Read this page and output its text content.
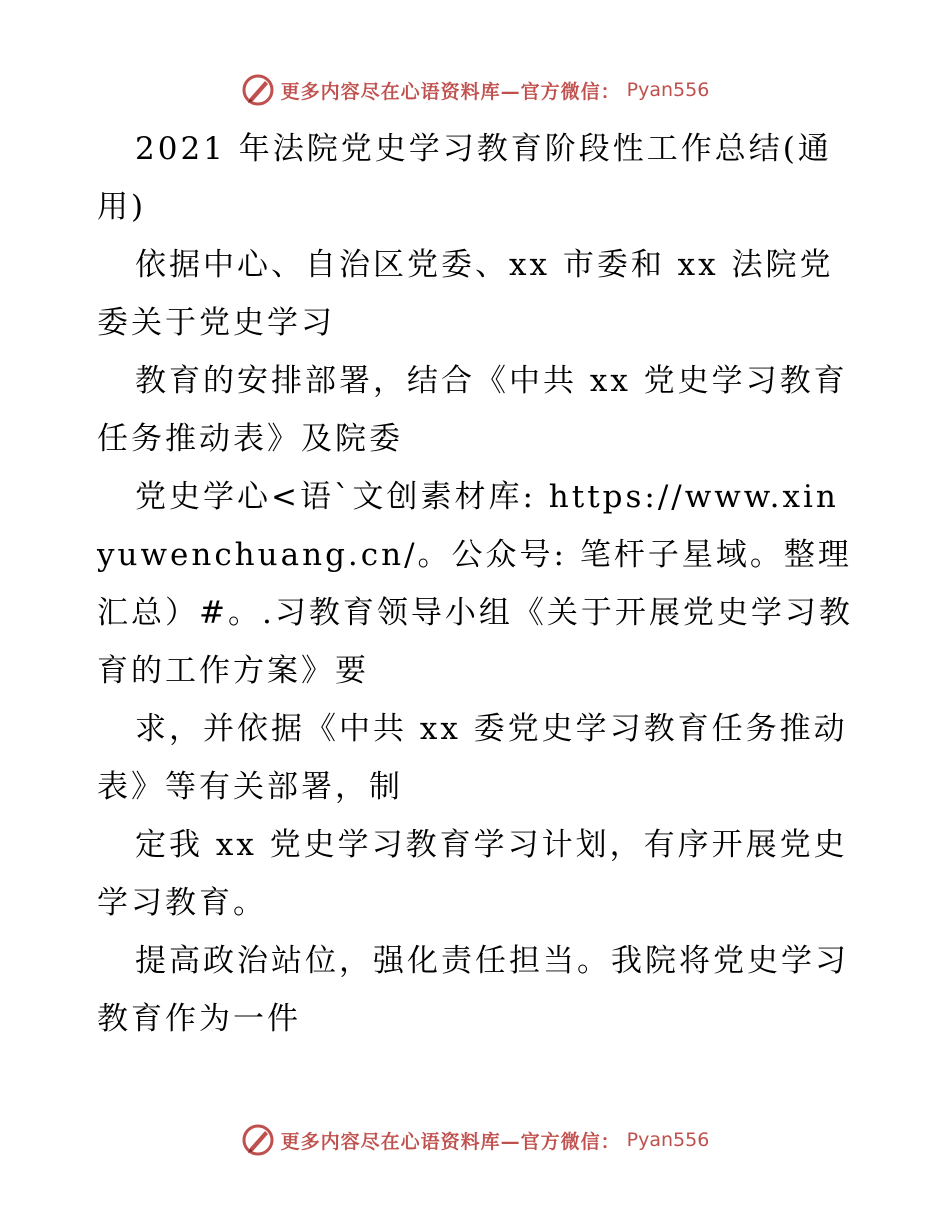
更多内容尽在心语资料库—官方微信： Pyan556

2021 年法院党史学习教育阶段性工作总结(通用)

依据中心、自治区党委、xx 市委和 xx 法院党委关于党史学习

教育的安排部署，结合《中共 xx 党史学习教育任务推动表》及院委

党史学心<语`文创素材库: https://www.xinyuwenchuang.cn/。公众号: 笔杆子星域。整理汇总）#。.习教育领导小组《关于开展党史学习教育的工作方案》要

求，并依据《中共 xx 委党史学习教育任务推动表》等有关部署，制

定我 xx 党史学习教育学习计划，有序开展党史学习教育。

提高政治站位，强化责任担当。我院将党史学习教育作为一件

更多内容尽在心语资料库—官方微信： Pyan556
